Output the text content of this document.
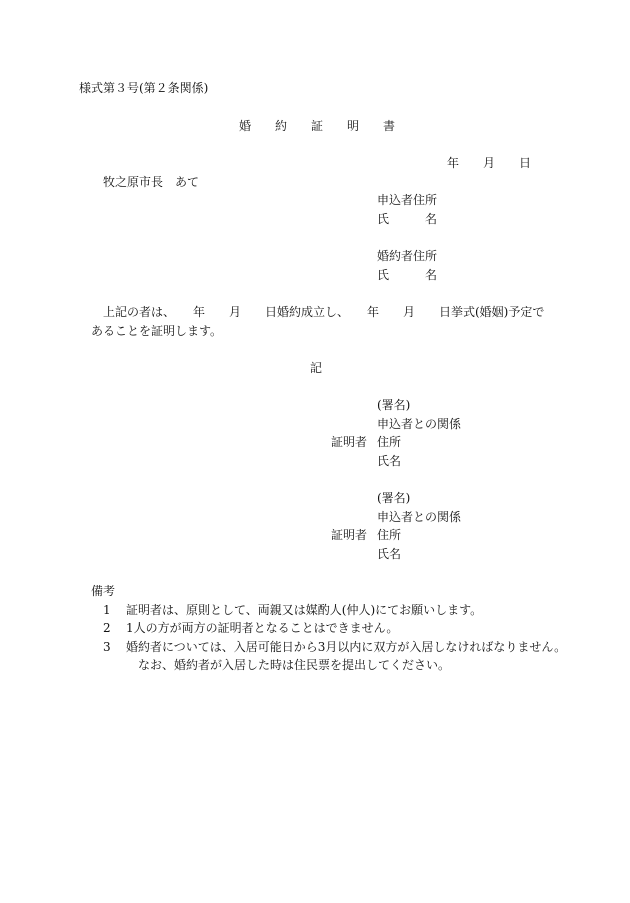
様式第３号(第２条関係)
婚　　約　　証　　明　　書
年　　月　　日
牧之原市長　あて
申込者住所
氏　　　名
婚約者住所
氏　　　名
上記の者は、　　年　　月　　日婚約成立し、　　年　　月　　日挙式(婚姻)予定で
あることを証明します。
記
(署名)
申込者との関係
証明者 住所
氏名
(署名)
申込者との関係
証明者 住所
氏名
備考
1 証明者は、原則として、両親又は媒酌人(仲人)にてお願いします。
2 1人の方が両方の証明者となることはできません。
3 婚約者については、入居可能日から3月以内に双方が入居しなければなりません。
なお、婚約者が入居した時は住民票を提出してください。
